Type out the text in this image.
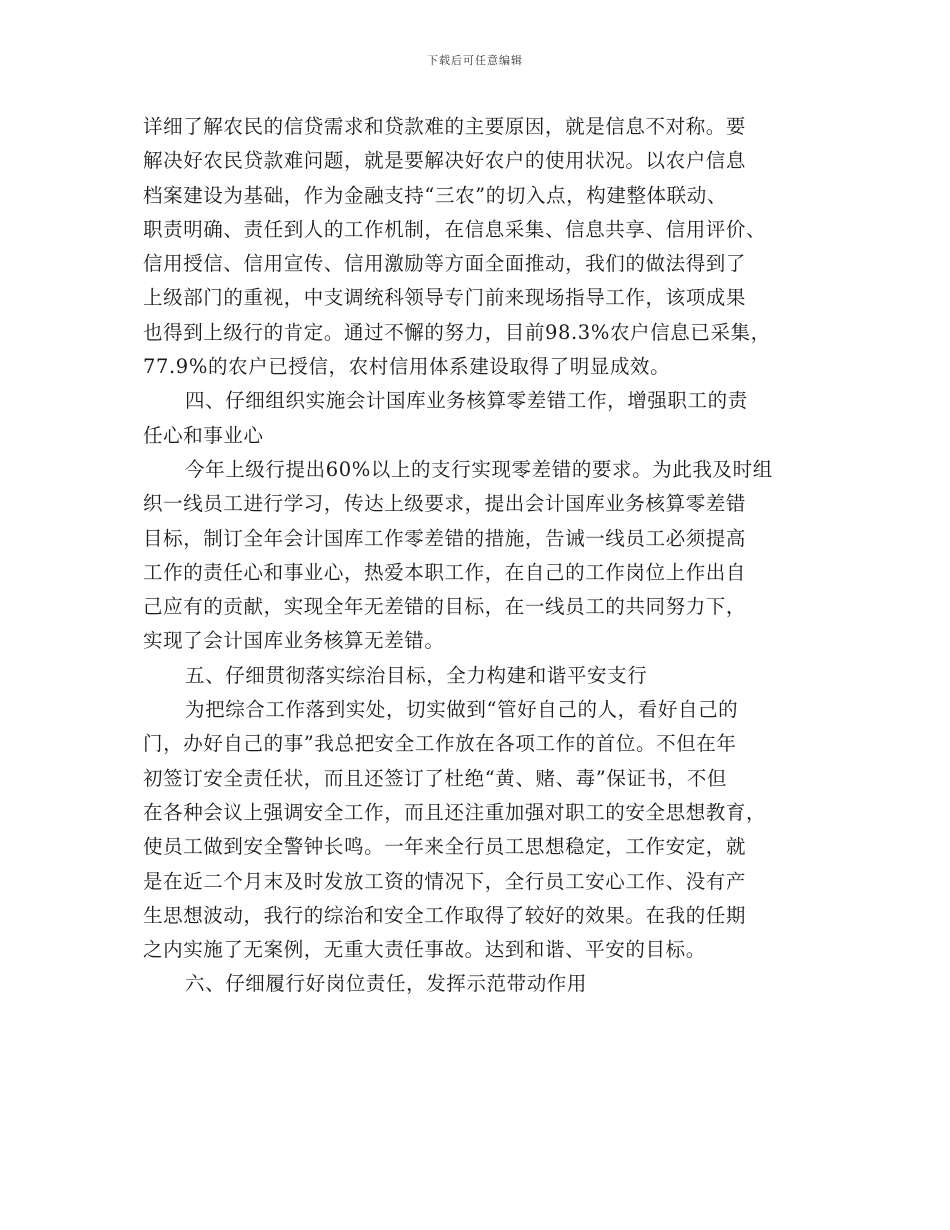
下载后可任意编辑
详细了解农民的信贷需求和贷款难的主要原因，就是信息不对称。要
解决好农民贷款难问题，就是要解决好农户的使用状况。以农户信息
档案建设为基础，作为金融支持“三农”的切入点，构建整体联动、
职责明确、责任到人的工作机制，在信息采集、信息共享、信用评价、
信用授信、信用宣传、信用激励等方面全面推动，我们的做法得到了
上级部门的重视，中支调统科领导专门前来现场指导工作，该项成果
也得到上级行的肯定。通过不懈的努力，目前98.3%农户信息已采集，
77.9%的农户已授信，农村信用体系建设取得了明显成效。
四、仔细组织实施会计国库业务核算零差错工作，增强职工的责
任心和事业心
今年上级行提出60%以上的支行实现零差错的要求。为此我及时组
织一线员工进行学习，传达上级要求，提出会计国库业务核算零差错
目标，制订全年会计国库工作零差错的措施，告诫一线员工必须提高
工作的责任心和事业心，热爱本职工作，在自己的工作岗位上作出自
己应有的贡献，实现全年无差错的目标，在一线员工的共同努力下，
实现了会计国库业务核算无差错。
五、仔细贯彻落实综治目标，全力构建和谐平安支行
为把综合工作落到实处，切实做到“管好自己的人，看好自己的
门，办好自己的事”我总把安全工作放在各项工作的首位。不但在年
初签订安全责任状，而且还签订了杜绝“黄、赌、毒”保证书，不但
在各种会议上强调安全工作，而且还注重加强对职工的安全思想教育，
使员工做到安全警钟长鸣。一年来全行员工思想稳定，工作安定，就
是在近二个月末及时发放工资的情况下，全行员工安心工作、没有产
生思想波动，我行的综治和安全工作取得了较好的效果。在我的任期
之内实施了无案例，无重大责任事故。达到和谐、平安的目标。
六、仔细履行好岗位责任，发挥示范带动作用
